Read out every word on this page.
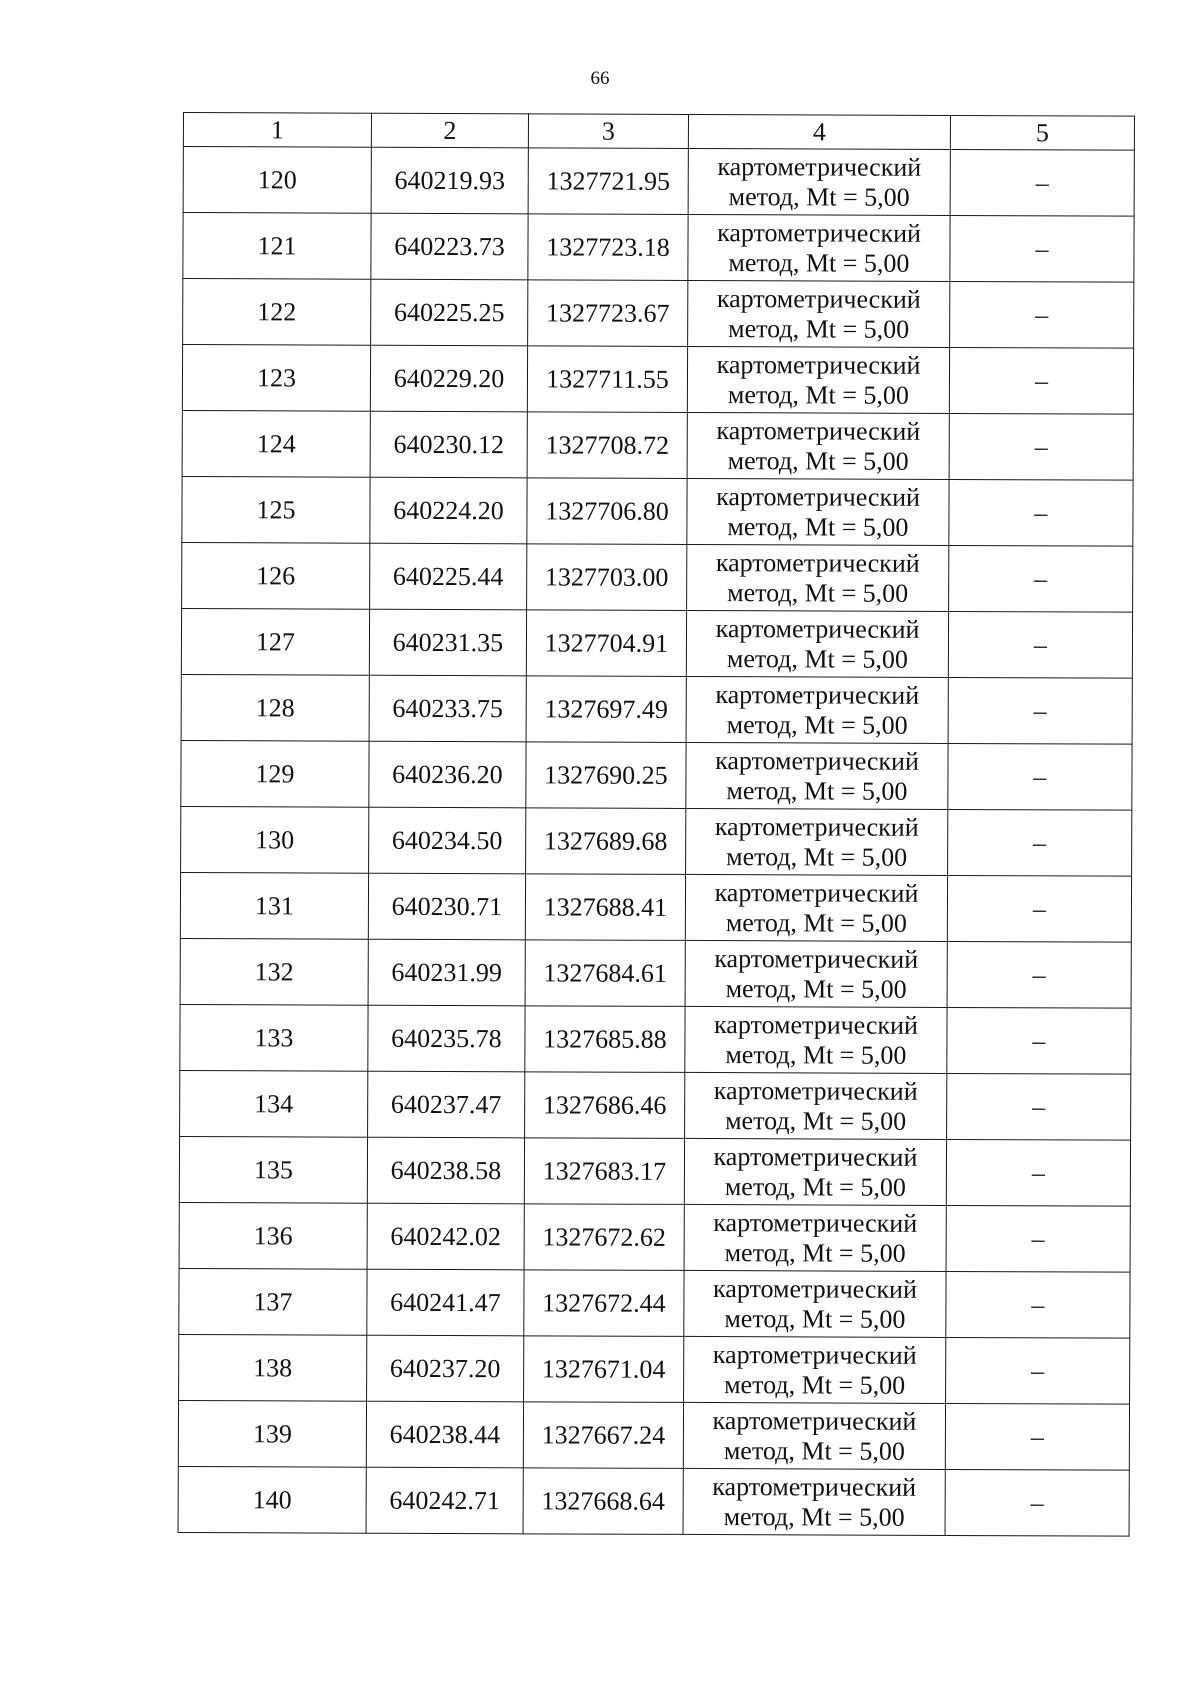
66
1	2	3	4	5
120	640219.93	1327721.95	картометрический
метод, Mt = 5,00	–
121	640223.73	1327723.18	картометрический
метод, Mt = 5,00	–
122	640225.25	1327723.67	картометрический
метод, Mt = 5,00	–
123	640229.20	1327711.55	картометрический
метод, Mt = 5,00	–
124	640230.12	1327708.72	картометрический
метод, Mt = 5,00	–
125	640224.20	1327706.80	картометрический
метод, Mt = 5,00	–
126	640225.44	1327703.00	картометрический
метод, Mt = 5,00	–
127	640231.35	1327704.91	картометрический
метод, Mt = 5,00	–
128	640233.75	1327697.49	картометрический
метод, Mt = 5,00	–
129	640236.20	1327690.25	картометрический
метод, Mt = 5,00	–
130	640234.50	1327689.68	картометрический
метод, Mt = 5,00	–
131	640230.71	1327688.41	картометрический
метод, Mt = 5,00	–
132	640231.99	1327684.61	картометрический
метод, Mt = 5,00	–
133	640235.78	1327685.88	картометрический
метод, Mt = 5,00	–
134	640237.47	1327686.46	картометрический
метод, Mt = 5,00	–
135	640238.58	1327683.17	картометрический
метод, Mt = 5,00	–
136	640242.02	1327672.62	картометрический
метод, Mt = 5,00	–
137	640241.47	1327672.44	картометрический
метод, Mt = 5,00	–
138	640237.20	1327671.04	картометрический
метод, Mt = 5,00	–
139	640238.44	1327667.24	картометрический
метод, Mt = 5,00	–
140	640242.71	1327668.64	картометрический
метод, Mt = 5,00	–
